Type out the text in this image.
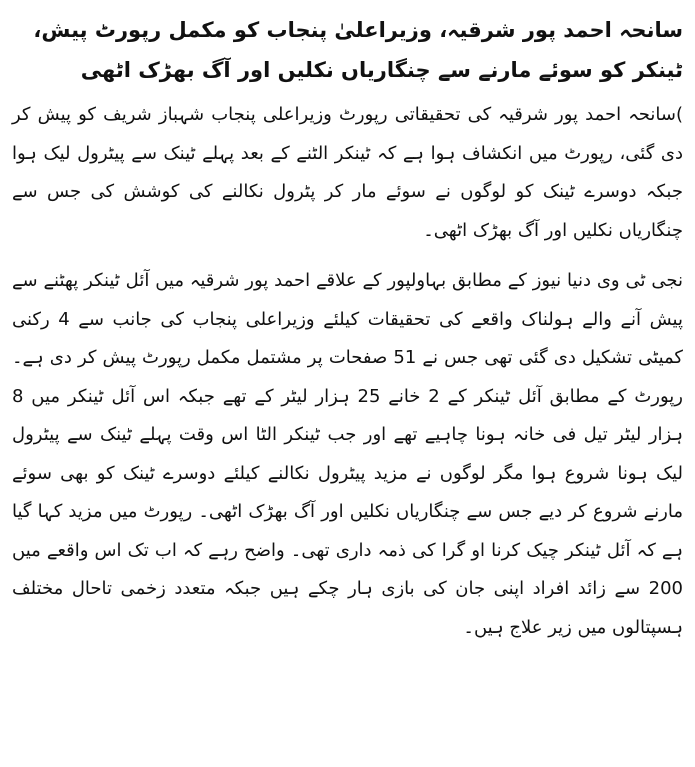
سانحہ احمد پور شرقیہ، وزیراعلیٰ پنجاب کو مکمل رپورٹ پیش، ٹینکر کو سوئے مارنے سے چنگاریاں نکلیں اور آگ بھڑک اٹھی

)سانحہ احمد پور شرقیہ کی تحقیقاتی رپورٹ وزیراعلی پنجاب شہباز شریف کو پیش کر دی گئی، رپورٹ میں انکشاف ہوا ہے کہ ٹینکر الٹنے کے بعد پہلے ٹینک سے پیٹرول لیک ہوا جبکہ دوسرے ٹینک کو لوگوں نے سوئے مار کر پٹرول نکالنے کی کوشش کی جس سے چنگاریاں نکلیں اور آگ بھڑک اٹھی۔

نجی ٹی وی دنیا نیوز کے مطابق بہاولپور کے علاقے احمد پور شرقیہ میں آئل ٹینکر پھٹنے سے پیش آنے والے ہولناک واقعے کی تحقیقات کیلئے وزیراعلی پنجاب کی جانب سے 4 رکنی کمیٹی تشکیل دی گئی تھی جس نے 51 صفحات پر مشتمل مکمل رپورٹ پیش کر دی ہے۔ رپورٹ کے مطابق آئل ٹینکر کے 2 خانے 25 ہزار لیٹر کے تھے جبکہ اس آئل ٹینکر میں 8 ہزار لیٹر تیل فی خانہ ہونا چاہیے تھے اور جب ٹینکر الٹا اس وقت پہلے ٹینک سے پیٹرول لیک ہونا شروع ہوا مگر لوگوں نے مزید پیٹرول نکالنے کیلئے دوسرے ٹینک کو بھی سوئے مارنے شروع کر دیے جس سے چنگاریاں نکلیں اور آگ بھڑک اٹھی۔ رپورٹ میں مزید کہا گیا ہے کہ آئل ٹینکر چیک کرنا او گرا کی ذمہ داری تھی۔ واضح رہے کہ اب تک اس واقعے میں 200 سے زائد افراد اپنی جان کی بازی ہار چکے ہیں جبکہ متعدد زخمی تاحال مختلف ہسپتالوں میں زیر علاج ہیں۔
